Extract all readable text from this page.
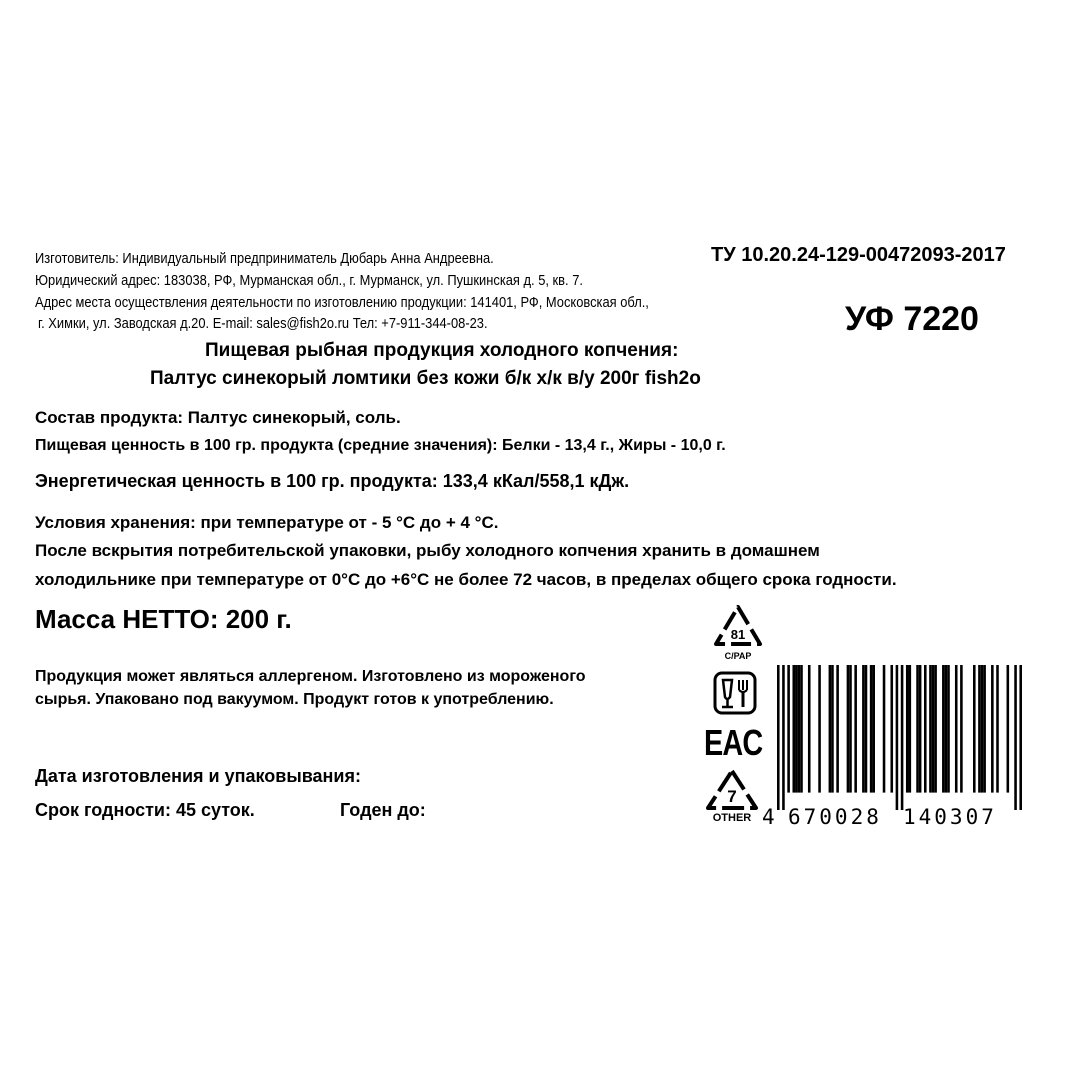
Изготовитель: Индивидуальный предприниматель Дюбарь Анна Андреевна.
Юридический адрес: 183038, РФ, Мурманская обл., г. Мурманск, ул. Пушкинская д. 5, кв. 7.
Адрес места осуществления деятельности по изготовлению продукции: 141401, РФ, Московская обл.,
г. Химки, ул. Заводская д.20. E-mail: sales@fish2o.ru Тел: +7-911-344-08-23.
ТУ 10.20.24-129-00472093-2017
УФ 7220
Пищевая рыбная продукция холодного копчения:
Палтус синекорый ломтики без кожи б/к х/к в/у 200г fish2o
Состав продукта: Палтус синекорый, соль.
Пищевая ценность в 100 гр. продукта (средние значения): Белки - 13,4 г., Жиры - 10,0 г.
Энергетическая ценность в 100 гр. продукта: 133,4 кКал/558,1 кДж.
Условия хранения: при температуре от - 5 °С до + 4 °С.
После вскрытия потребительской упаковки, рыбу холодного копчения хранить в домашнем
холодильнике при температуре от 0°С до +6°С не более 72 часов, в пределах общего срока годности.
Масса НЕТТО: 200 г.
Продукция может являться аллергеном. Изготовлено из мороженого
сырья. Упаковано под вакуумом. Продукт готов к употреблению.
Дата изготовления и упаковывания:
Срок годности: 45 суток.	Годен до:
81
C/PAP
EAC
7
OTHER 4 670028 140307
